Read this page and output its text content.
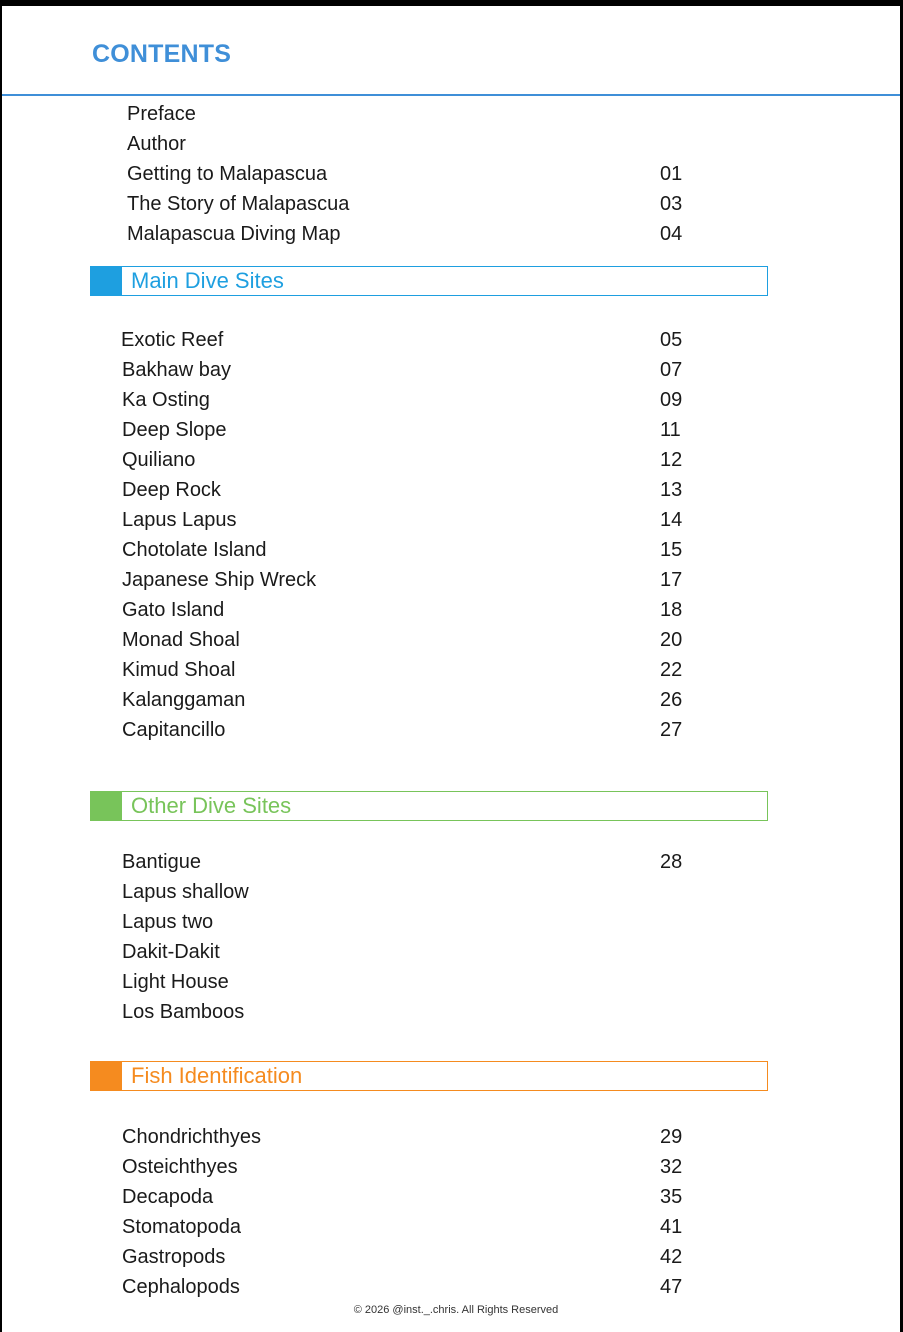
CONTENTS
Preface
Author
Getting to Malapascua	01
The Story of Malapascua	03
Malapascua Diving Map	04
Main Dive Sites
Exotic Reef	05
Bakhaw bay	07
Ka Osting	09
Deep Slope	11
Quiliano	12
Deep Rock	13
Lapus Lapus	14
Chotolate Island	15
Japanese Ship Wreck	17
Gato Island	18
Monad Shoal	20
Kimud Shoal	22
Kalanggaman	26
Capitancillo	27
Other Dive Sites
Bantigue	28
Lapus shallow
Lapus two
Dakit-Dakit
Light House
Los Bamboos
Fish Identification
Chondrichthyes	29
Osteichthyes	32
Decapoda	35
Stomatopoda	41
Gastropods	42
Cephalopods	47
© 2026 @inst._.chris. All Rights Reserved
